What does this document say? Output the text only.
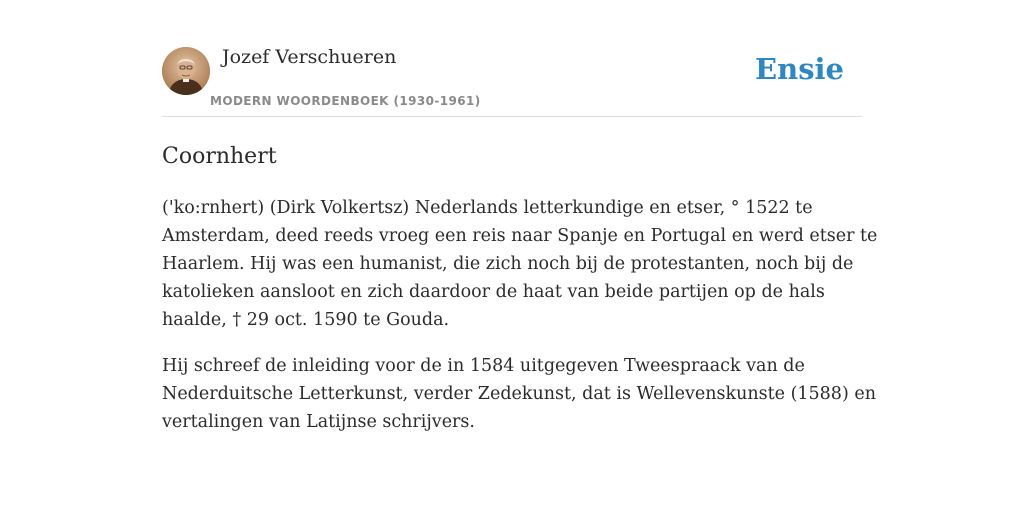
Jozef Verschueren
MODERN WOORDENBOEK (1930-1961)
Ensie
Coornhert

('ko:rnhert) (Dirk Volkertsz) Nederlands letterkundige en etser, ° 1522 te
Amsterdam, deed reeds vroeg een reis naar Spanje en Portugal en werd etser te
Haarlem. Hij was een humanist, die zich noch bij de protestanten, noch bij de
katolieken aansloot en zich daardoor de haat van beide partijen op de hals
haalde, † 29 oct. 1590 te Gouda.

Hij schreef de inleiding voor de in 1584 uitgegeven Tweespraack van de
Nederduitsche Letterkunst, verder Zedekunst, dat is Wellevenskunste (1588) en
vertalingen van Latijnse schrijvers.
